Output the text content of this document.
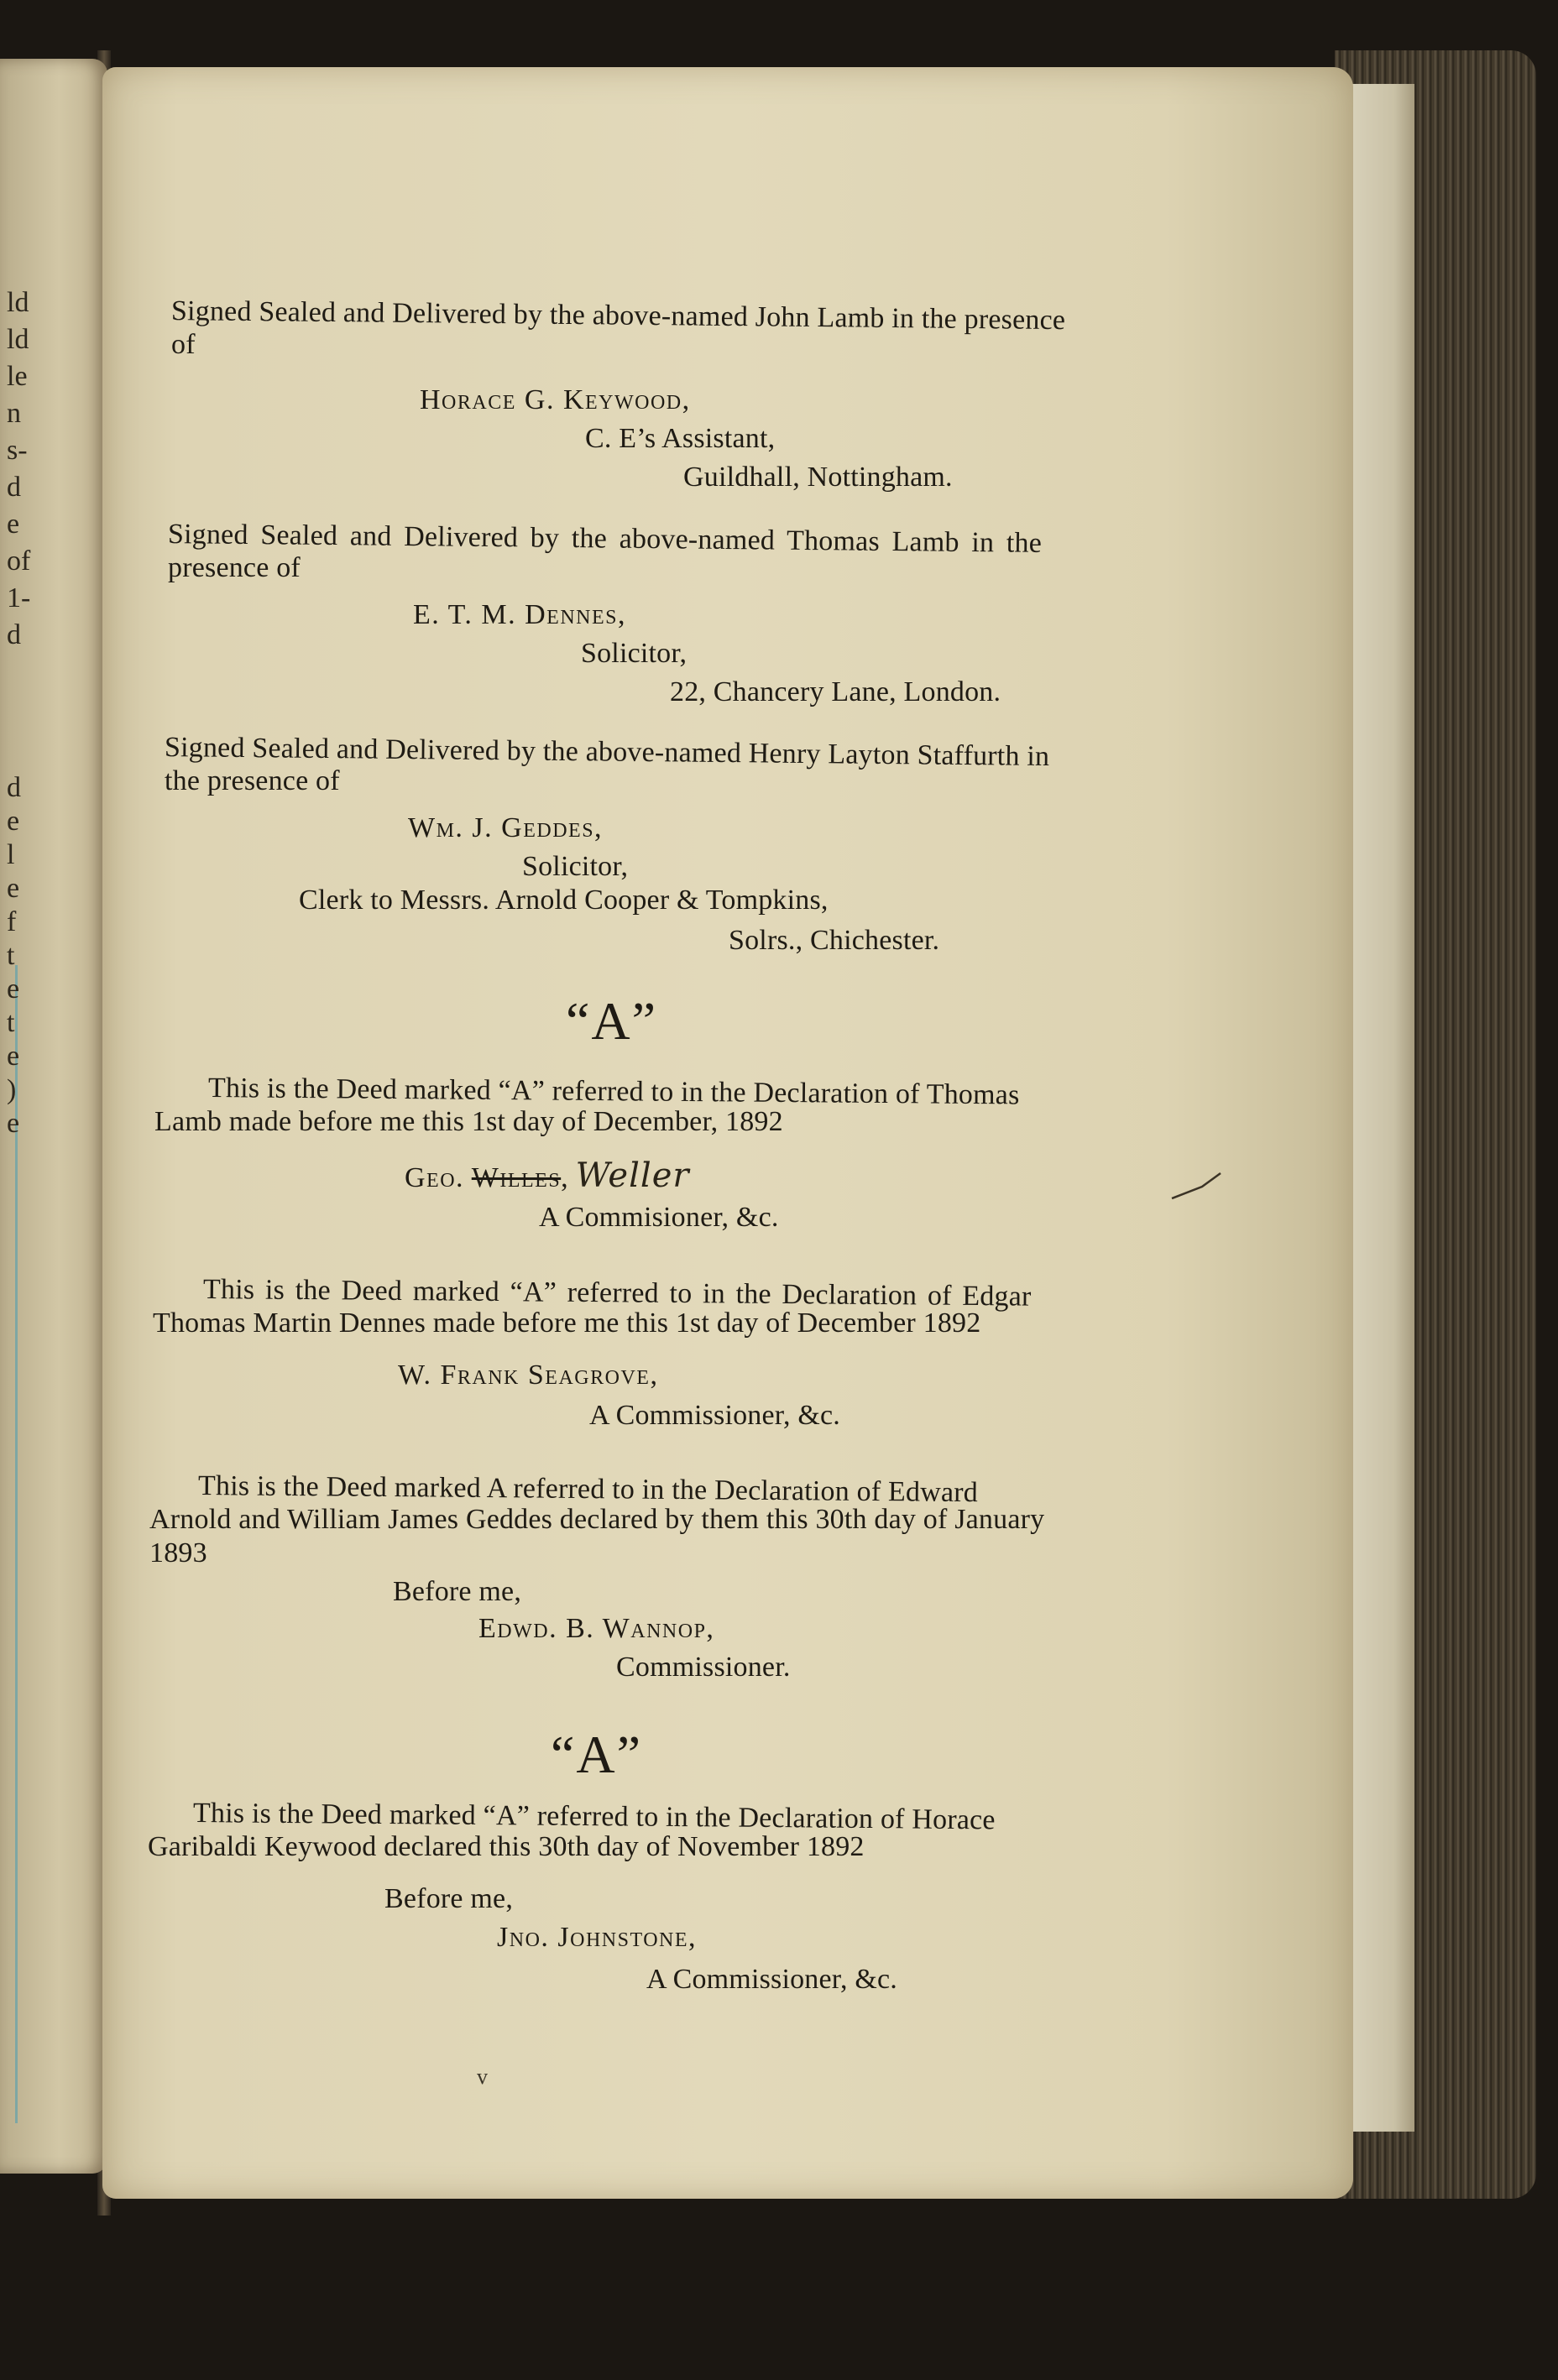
ld
ld
le
n
s-
d
e
of
1-
d
d
e
l
e
f
t
e
t
e
)
e
Signed Sealed and Delivered by the above-named John Lamb in the presence
of
Horace G. Keywood,
C. E’s Assistant,
Guildhall, Nottingham.
Signed Sealed and Delivered by the above-named Thomas Lamb in the
presence of
E. T. M. Dennes,
Solicitor,
22, Chancery Lane, London.
Signed Sealed and Delivered by the above-named Henry Layton Staffurth in
the presence of
Wm. J. Geddes,
Solicitor,
Clerk to Messrs. Arnold Cooper & Tompkins,
Solrs., Chichester.
“A”
This is the Deed marked “A” referred to in the Declaration of Thomas
Lamb made before me this 1st day of December, 1892
Geo. Willes, Weller
A Commisioner, &c.
This is the Deed marked “A” referred to in the Declaration of Edgar
Thomas Martin Dennes made before me this 1st day of December 1892
W. Frank Seagrove,
A Commissioner, &c.
This is the Deed marked A referred to in the Declaration of Edward
Arnold and William James Geddes declared by them this 30th day of January
1893
Before me,
Edwd. B. Wannop,
Commissioner.
“A”
This is the Deed marked “A” referred to in the Declaration of Horace
Garibaldi Keywood declared this 30th day of November 1892
Before me,
Jno. Johnstone,
A Commissioner, &c.
v
